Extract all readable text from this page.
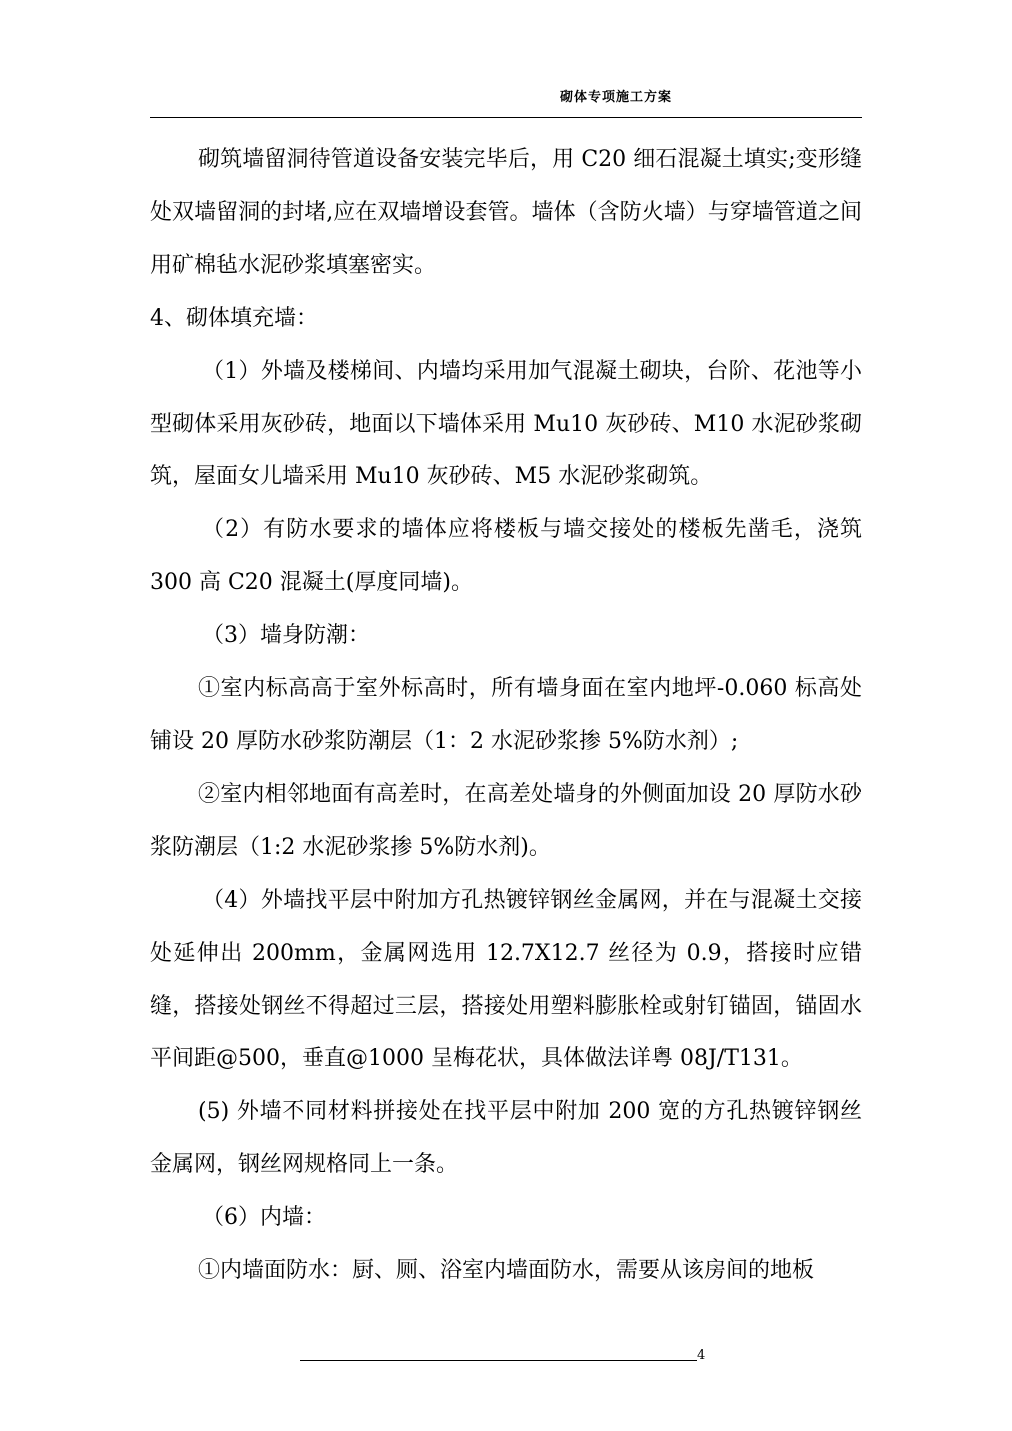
砌体专项施工方案

砌筑墙留洞待管道设备安装完毕后，用 C20 细石混凝土填实;变形缝处双墙留洞的封堵,应在双墙增设套管。墙体（含防火墙）与穿墙管道之间用矿棉毡水泥砂浆填塞密实。

4、砌体填充墙：

（1）外墙及楼梯间、内墙均采用加气混凝土砌块，台阶、花池等小型砌体采用灰砂砖，地面以下墙体采用 Mu10 灰砂砖、M10 水泥砂浆砌筑，屋面女儿墙采用 Mu10 灰砂砖、M5 水泥砂浆砌筑。

（2）有防水要求的墙体应将楼板与墙交接处的楼板先凿毛，浇筑 300 高 C20 混凝土(厚度同墙)。

（3）墙身防潮：

①室内标高高于室外标高时，所有墙身面在室内地坪-0.060 标高处铺设 20 厚防水砂浆防潮层（1：2 水泥砂浆掺 5%防水剂）;

②室内相邻地面有高差时，在高差处墙身的外侧面加设 20 厚防水砂浆防潮层（1:2 水泥砂浆掺 5%防水剂)。

（4）外墙找平层中附加方孔热镀锌钢丝金属网，并在与混凝土交接处延伸出 200mm，金属网选用 12.7X12.7 丝径为 0.9，搭接时应错缝，搭接处钢丝不得超过三层，搭接处用塑料膨胀栓或射钉锚固，锚固水平间距@500，垂直@1000 呈梅花状，具体做法详粤 08J/T131。

(5) 外墙不同材料拼接处在找平层中附加 200 宽的方孔热镀锌钢丝金属网，钢丝网规格同上一条。

（6）内墙：

①内墙面防水：厨、厕、浴室内墙面防水，需要从该房间的地板

4
